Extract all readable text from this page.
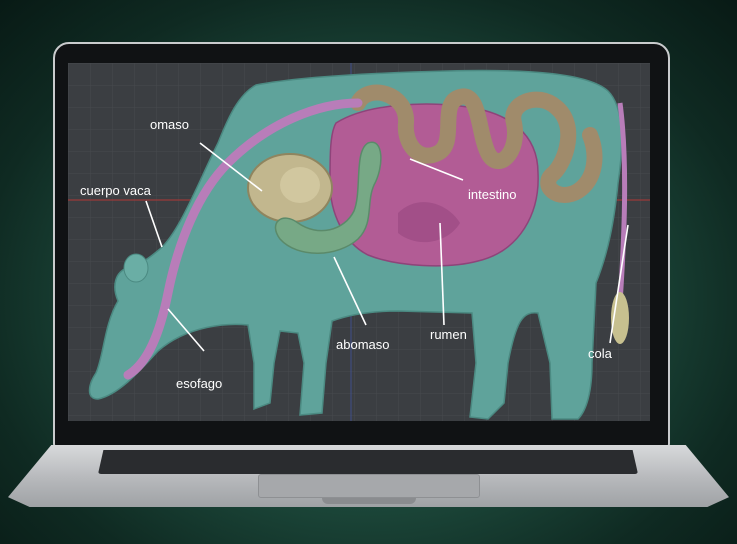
omaso
cuerpo vaca	intestino
esofago
abomaso
rumen
cola
